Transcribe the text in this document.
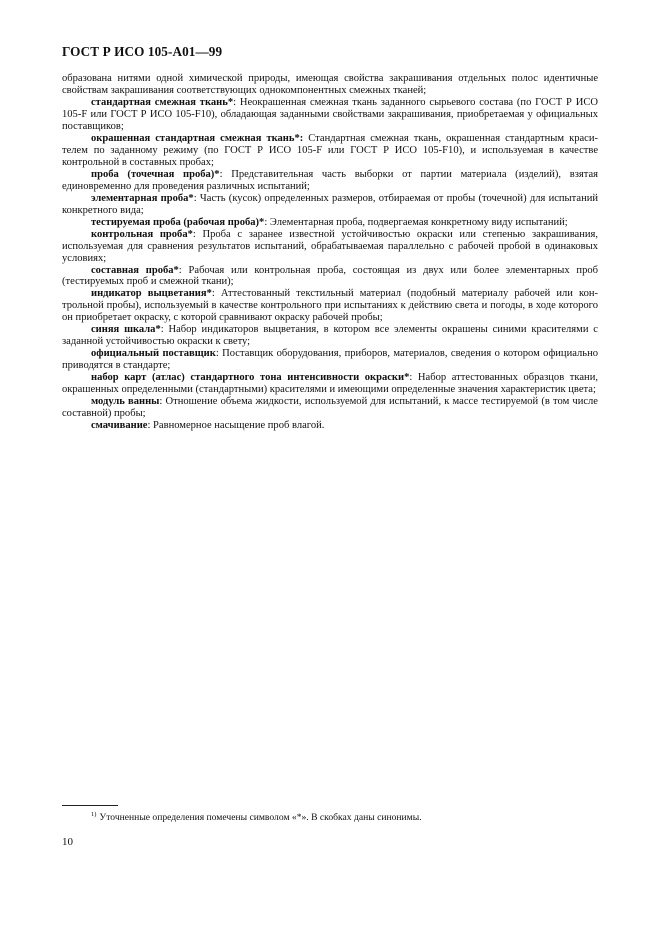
ГОСТ Р ИСО 105-А01—99

образована нитями одной химической природы, имеющая свойства закрашивания отдельных полос идентичные свойствам закрашивания соответствующих однокомпонентных смежных тканей;

стандартная смежная ткань*: Неокрашенная смежная ткань заданного сырьевого состава (по ГОСТ Р ИСО 105-F или ГОСТ Р ИСО 105-F10), обладающая заданными свойствами закрашивания, приобретаемая у официальных поставщиков;

окрашенная стандартная смежная ткань*: Стандартная смежная ткань, окрашенная стандартным красителем по заданному режиму (по ГОСТ Р ИСО 105-F или ГОСТ Р ИСО 105-F10), и используемая в качестве контрольной в составных пробах;

проба (точечная проба)*: Представительная часть выборки от партии материала (изделий), взятая единовременно для проведения различных испытаний;

элементарная проба*: Часть (кусок) определенных размеров, отбираемая от пробы (точечной) для испытаний конкретного вида;

тестируемая проба (рабочая проба)*: Элементарная проба, подвергаемая конкретному виду испытаний;

контрольная проба*: Проба с заранее известной устойчивостью окраски или степенью закрашивания, используемая для сравнения результатов испытаний, обрабатываемая параллельно с рабочей пробой в одинаковых условиях;

составная проба*: Рабочая или контрольная проба, состоящая из двух или более элементарных проб (тестируемых проб и смежной ткани);

индикатор выцветания*: Аттестованный текстильный материал (подобный материалу рабочей или контрольной пробы), используемый в качестве контрольного при испытаниях к действию света и погоды, в ходе которого он приобретает окраску, с которой сравнивают окраску рабочей пробы;

синяя шкала*: Набор индикаторов выцветания, в котором все элементы окрашены синими красителями с заданной устойчивостью окраски к свету;

официальный поставщик: Поставщик оборудования, приборов, материалов, сведения о котором официально приводятся в стандарте;

набор карт (атлас) стандартного тона интенсивности окраски*: Набор аттестованных образцов ткани, окрашенных определенными (стандартными) красителями и имеющими определенные значения характеристик цвета;

модуль ванны: Отношение объема жидкости, используемой для испытаний, к массе тестируемой (в том числе составной) пробы;

смачивание: Равномерное насыщение проб влагой.

$^{1)}$ Уточненные определения помечены символом «*». В скобках даны синонимы.
10
